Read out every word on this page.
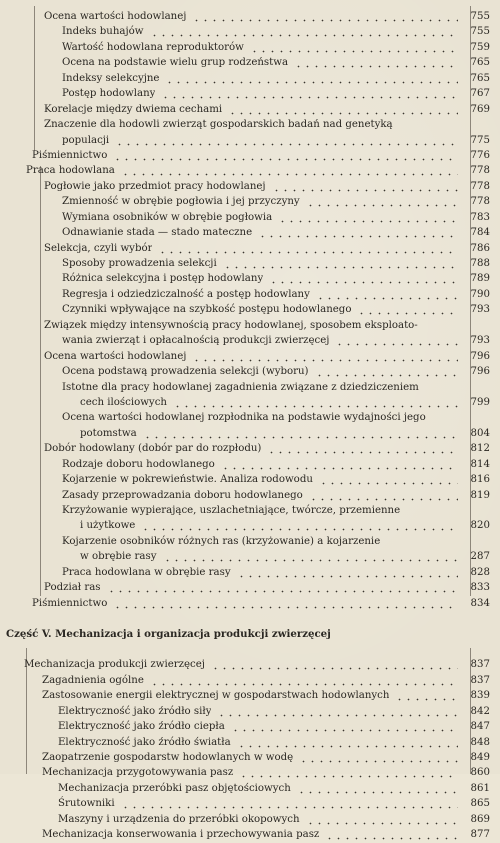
Ocena wartości hodowlanej	755
Indeks buhajów	755
Wartość hodowlana reproduktorów	759
Ocena na podstawie wielu grup rodzeństwa	765
Indeksy selekcyjne	765
Postęp hodowlany	767
Korelacje między dwiema cechami	769
Znaczenie dla hodowli zwierząt gospodarskich badań nad genetyką
populacji	775
Piśmiennictwo	776
Praca hodowlana	778
Pogłowie jako przedmiot pracy hodowlanej	778
Zmienność w obrębie pogłowia i jej przyczyny	778
Wymiana osobników w obrębie pogłowia	783
Odnawianie stada — stado mateczne	784
Selekcja, czyli wybór	786
Sposoby prowadzenia selekcji	788
Różnica selekcyjna i postęp hodowlany	789
Regresja i odziedziczalność a postęp hodowlany	790
Czynniki wpływające na szybkość postępu hodowlanego	793
Związek między intensywnością pracy hodowlanej, sposobem eksploato-
wania zwierząt i opłacalnością produkcji zwierzęcej	793
Ocena wartości hodowlanej	796
Ocena podstawą prowadzenia selekcji (wyboru)	796
Istotne dla pracy hodowlanej zagadnienia związane z dziedziczeniem
cech ilościowych	799
Ocena wartości hodowlanej rozpłodnika na podstawie wydajności jego
potomstwa	804
Dobór hodowlany (dobór par do rozpłodu)	812
Rodzaje doboru hodowlanego	814
Kojarzenie w pokrewieństwie. Analiza rodowodu	816
Zasady przeprowadzania doboru hodowlanego	819
Krzyżowanie wypierające, uszlachetniające, twórcze, przemienne
i użytkowe	820
Kojarzenie osobników różnych ras (krzyżowanie) a kojarzenie
w obrębie rasy	287
Praca hodowlana w obrębie rasy	828
Podział ras	833
Piśmiennictwo	834
Część V. Mechanizacja i organizacja produkcji zwierzęcej
Mechanizacja produkcji zwierzęcej	837
Zagadnienia ogólne	837
Zastosowanie energii elektrycznej w gospodarstwach hodowlanych	839
Elektryczność jako źródło siły	842
Elektryczność jako źródło ciepła	847
Elektryczność jako źródło światła	848
Zaopatrzenie gospodarstw hodowlanych w wodę	849
Mechanizacja przygotowywania pasz	860
Mechanizacja przeróbki pasz objętościowych	861
Śrutowniki	865
Maszyny i urządzenia do przeróbki okopowych	869
Mechanizacja konserwowania i przechowywania pasz	877
